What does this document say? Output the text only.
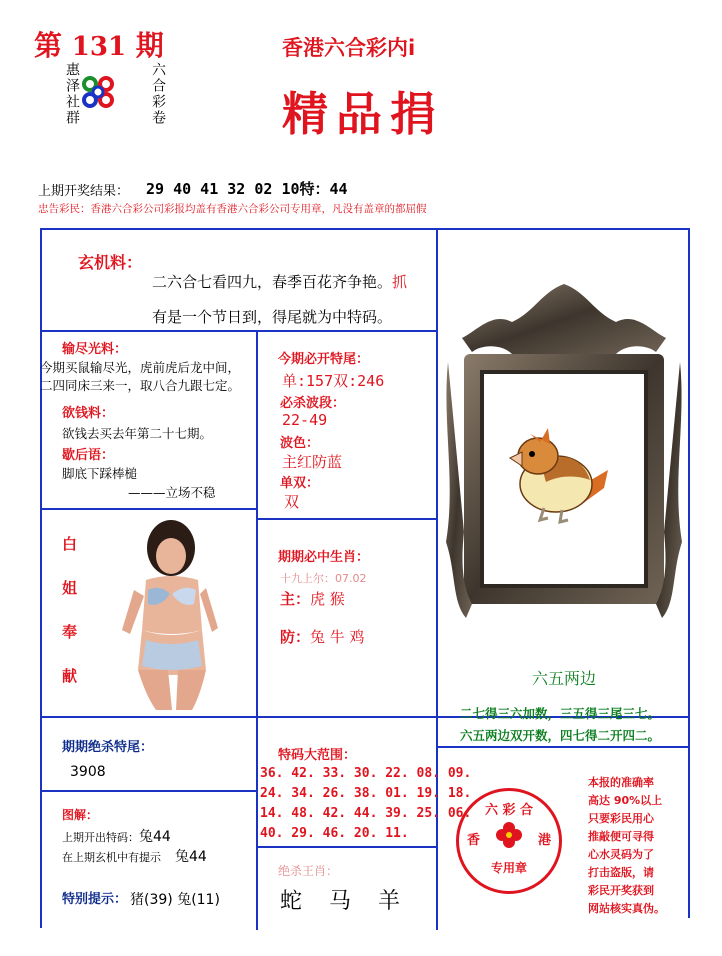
第 131 期
惠泽社群	六合彩卷
香港六合彩内i
精品捐
上期开奖结果： 29 40 41 32 02 10特：44
忠告彩民：香港六合彩公司彩报均盖有香港六合彩公司专用章，凡没有盖章的都屈假
玄机料：
二六合七看四九，春季百花齐争艳。抓
有是一个节日到，得尾就为中特码。
输尽光料：
今期买鼠输尽光，虎前虎后龙中间，
二四同床三来一，取八合九跟七定。
欲钱料：
欲钱去买去年第二十七期。
歇后语：
脚底下踩棒槌
———立场不稳
白姐奉献
今期必开特尾：
单:157双:246
必杀波段：
22-49
波色：
主红防蓝
单双：
双
期期必中生肖：
十九上尔：07.02
主：虎 猴
防：兔 牛 鸡
六五两边
二七得三六加数，三五得三尾三七。
六五两边双开数，四七得二开四二。
期期绝杀特尾：
3908
特码大范围：
36. 42. 33. 30. 22. 08. 09.
24. 34. 26. 38. 01. 19. 18.
14. 48. 42. 44. 39. 25. 06.
40. 29. 46. 20. 11.
图解：
上期开出特码：兔44
在上期玄机中有提示 兔44
特别提示： 猪(39) 兔(11)
绝杀王肖：
蛇 马 羊
六 彩 合
香	港
专用章
本报的准确率
高达 90%以上
只要彩民用心
推敲便可寻得
心水灵码为了
打击盗版，请
彩民开奖获到
网站核实真伪。
